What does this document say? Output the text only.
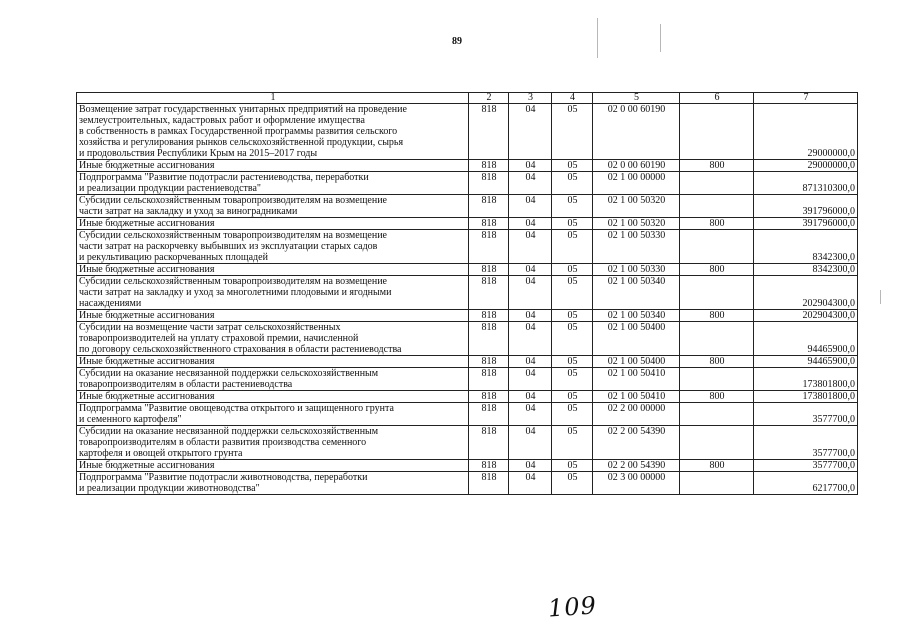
89
1	2	3	4	5	6	7
Возмещение затрат государственных унитарных предприятий на проведение
землеустроительных, кадастровых работ и оформление имущества
в собственность в рамках Государственной программы развития сельского
хозяйства и регулирования рынков сельскохозяйственной продукции, сырья
и продовольствия Республики Крым на 2015–2017 годы	818	04	05	02 0 00 60190		29000000,0
Иные бюджетные ассигнования	818	04	05	02 0 00 60190	800	29000000,0
Подпрограмма "Развитие подотрасли растениеводства, переработки
и реализации продукции растениеводства"	818	04	05	02 1 00 00000		871310300,0
Субсидии сельскохозяйственным товаропроизводителям на возмещение
части затрат на закладку и уход за виноградниками	818	04	05	02 1 00 50320		391796000,0
Иные бюджетные ассигнования	818	04	05	02 1 00 50320	800	391796000,0
Субсидии сельскохозяйственным товаропроизводителям на возмещение
части затрат на раскорчевку выбывших из эксплуатации старых садов
и рекультивацию раскорчеванных площадей	818	04	05	02 1 00 50330		8342300,0
Иные бюджетные ассигнования	818	04	05	02 1 00 50330	800	8342300,0
Субсидии сельскохозяйственным товаропроизводителям на возмещение
части затрат на закладку и уход за многолетними плодовыми и ягодными
насаждениями	818	04	05	02 1 00 50340		202904300,0
Иные бюджетные ассигнования	818	04	05	02 1 00 50340	800	202904300,0
Субсидии на возмещение части затрат сельскохозяйственных
товаропроизводителей на уплату страховой премии, начисленной
по договору сельскохозяйственного страхования в области растениеводства	818	04	05	02 1 00 50400		94465900,0
Иные бюджетные ассигнования	818	04	05	02 1 00 50400	800	94465900,0
Субсидии на оказание несвязанной поддержки сельскохозяйственным
товаропроизводителям в области растениеводства	818	04	05	02 1 00 50410		173801800,0
Иные бюджетные ассигнования	818	04	05	02 1 00 50410	800	173801800,0
Подпрограмма "Развитие овощеводства открытого и защищенного грунта
и семенного картофеля"	818	04	05	02 2 00 00000		3577700,0
Субсидии на оказание несвязанной поддержки сельскохозяйственным
товаропроизводителям в области развития производства семенного
картофеля и овощей открытого грунта	818	04	05	02 2 00 54390		3577700,0
Иные бюджетные ассигнования	818	04	05	02 2 00 54390	800	3577700,0
Подпрограмма "Развитие подотрасли животноводства, переработки
и реализации продукции животноводства"	818	04	05	02 3 00 00000		6217700,0
109
